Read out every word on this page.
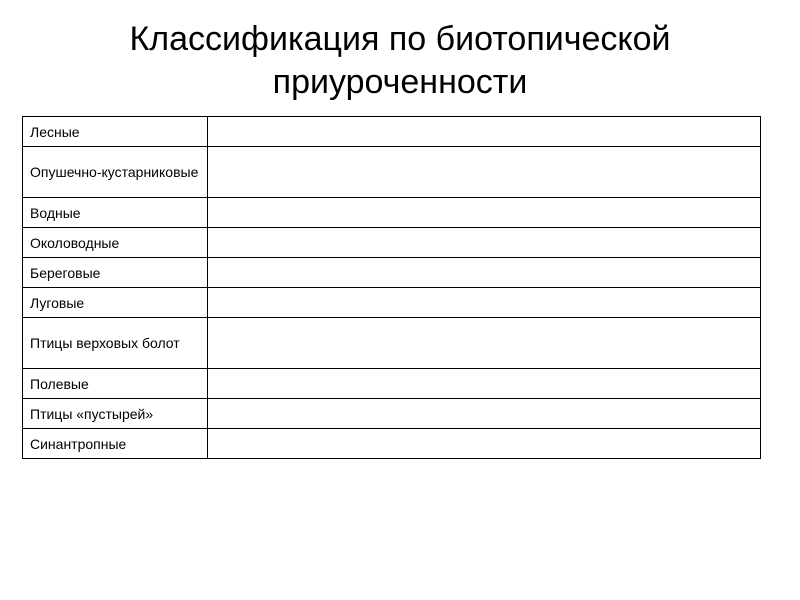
Классификация по биотопической
приуроченности
Лесные	
Опушечно-кустарниковые	
Водные	
Околоводные	
Береговые	
Луговые	
Птицы верховых болот	
Полевые	
Птицы «пустырей»	
Синантропные	
